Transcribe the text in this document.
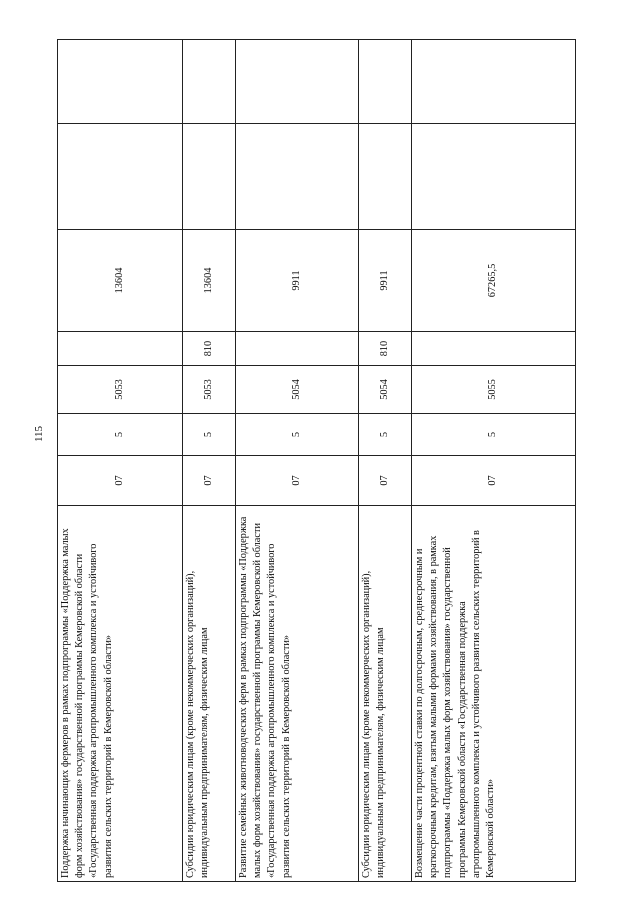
115
Поддержка начинающих фермеров в рамках подпрограммы «Поддержка малых форм хозяйствования» государственной программы Кемеровской области «Государственная поддержка агропромышленного комплекса и устойчивого развития сельских территорий в Кемеровской области»	07	5	5053		13604		
Субсидии юридическим лицам (кроме некоммерческих организаций), индивидуальным предпринимателям, физическим лицам	07	5	5053	810	13604		
Развитие семейных животноводческих ферм в рамках подпрограммы «Поддержка малых форм хозяйствования» государственной программы Кемеровской области «Государственная поддержка агропромышленного комплекса и устойчивого развития сельских территорий в Кемеровской области»	07	5	5054		9911		
Субсидии юридическим лицам (кроме некоммерческих организаций), индивидуальным предпринимателям, физическим лицам	07	5	5054	810	9911		
Возмещение части процентной ставки по долгосрочным, среднесрочным и краткосрочным кредитам, взятым малыми формами хозяйствования, в рамках подпрограммы «Поддержка малых форм хозяйствования» государственной программы Кемеровской области «Государственная поддержка агропромышленного комплекса и устойчивого развития сельских территорий в Кемеровской области»	07	5	5055		67265,5		
